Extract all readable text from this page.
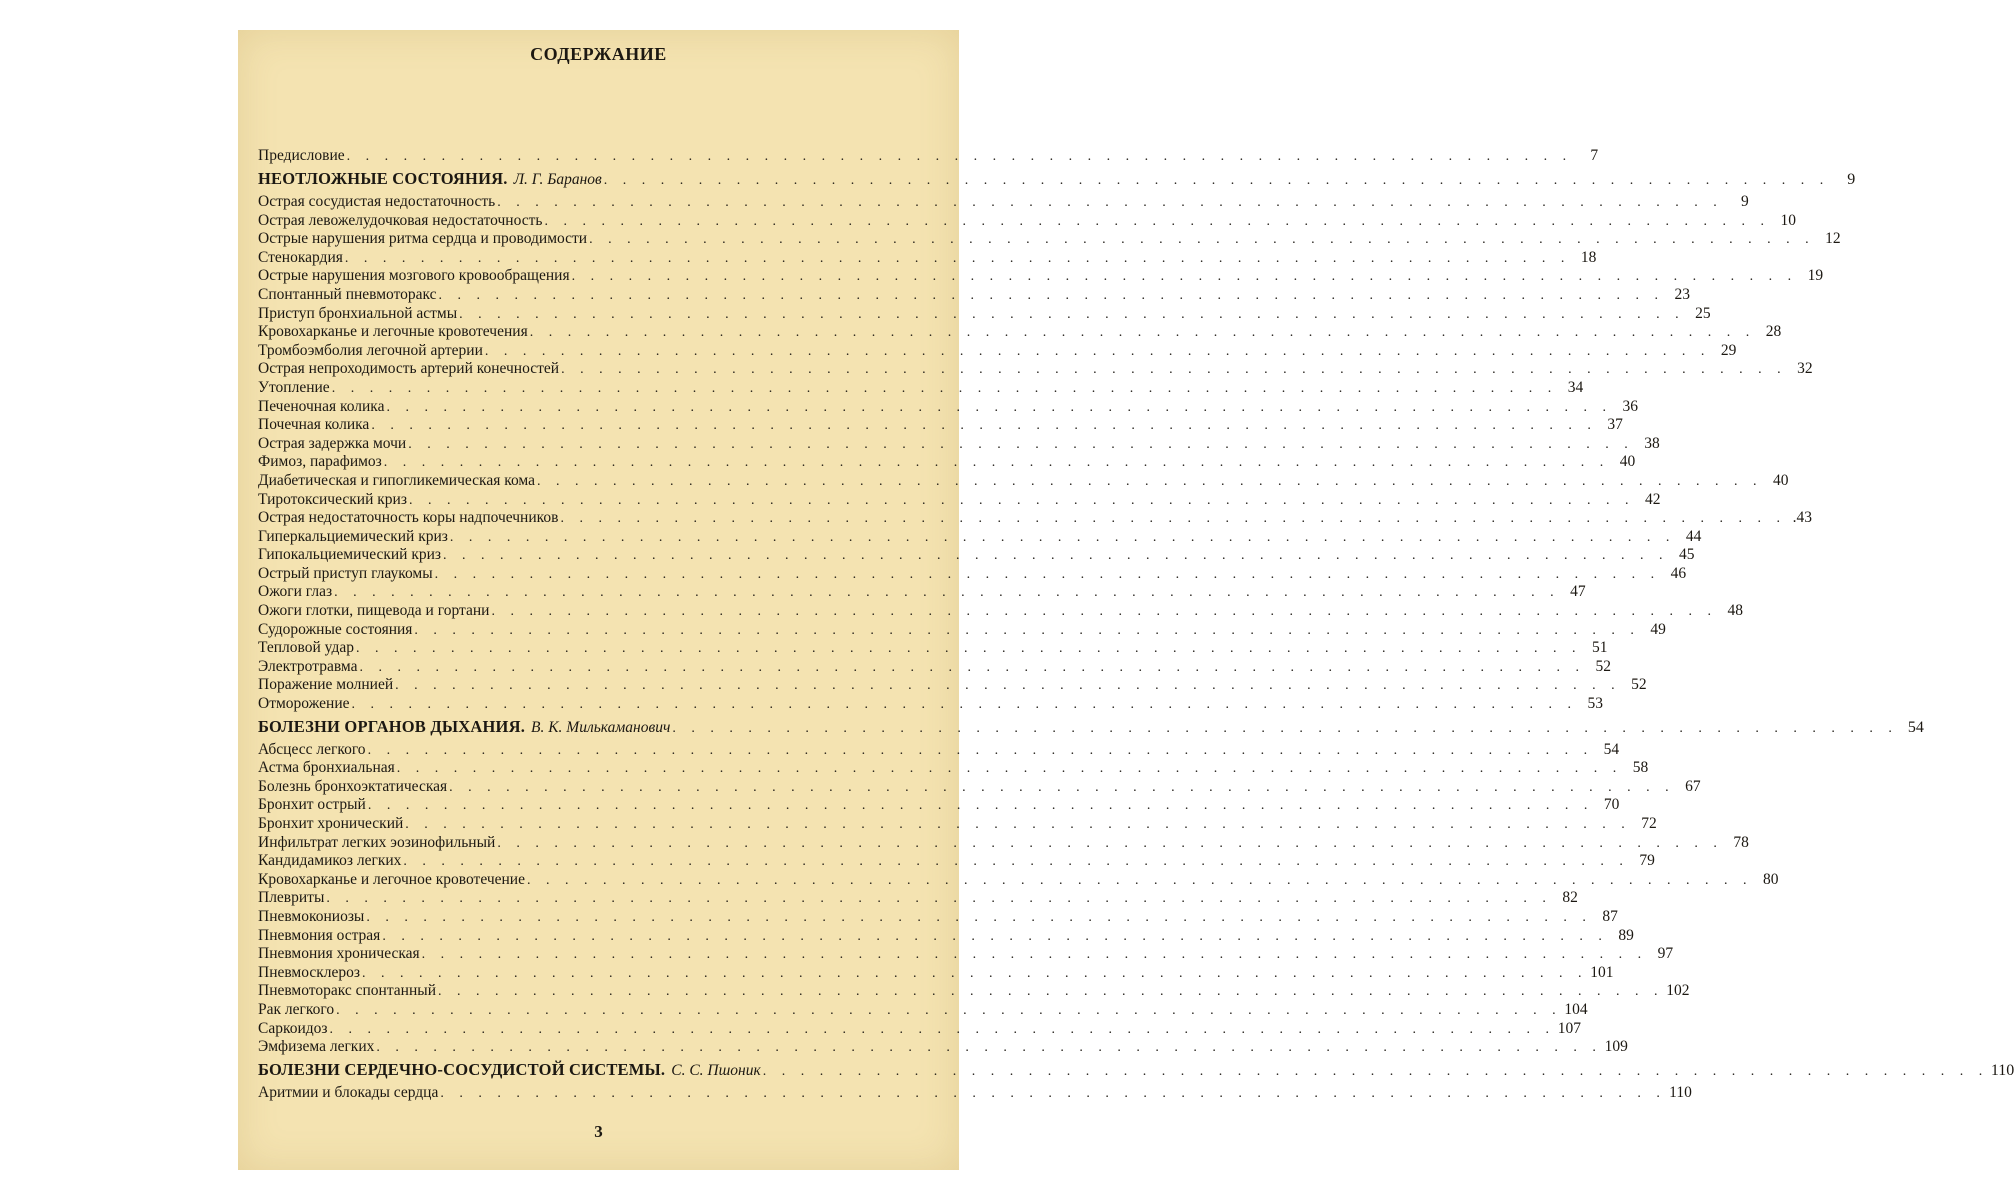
СОДЕРЖАНИЕ
Предисловие . . . . . . . . . . . . . . . . . . . . . . . . . . . . . . . . . . . . . . . . . . . . . . . . . . . . . . . . . . . . . . . . .	7
НЕОТЛОЖНЫЕ СОСТОЯНИЯ. Л. Г. Баранов . . . . . . . . . . . . . . . . . . . . . . . . . . . . . . . . . . . . . . . . . . . . . . . . . . . . . . . . . . . . . . . . .	9
Острая сосудистая недостаточность . . . . . . . . . . . . . . . . . . . . . . . . . . . . . . . . . . . . . . . . . . . . . . . . . . . . . . . . . . . . . . . . .	9
Острая левожелудочковая недостаточность . . . . . . . . . . . . . . . . . . . . . . . . . . . . . . . . . . . . . . . . . . . . . . . . . . . . . . . . . . . . . . . . . 10
Острые нарушения ритма сердца и проводимости . . . . . . . . . . . . . . . . . . . . . . . . . . . . . . . . . . . . . . . . . . . . . . . . . . . . . . . . . . . . . . . . . 12
Стенокардия . . . . . . . . . . . . . . . . . . . . . . . . . . . . . . . . . . . . . . . . . . . . . . . . . . . . . . . . . . . . . . . . . 18
Острые нарушения мозгового кровообращения . . . . . . . . . . . . . . . . . . . . . . . . . . . . . . . . . . . . . . . . . . . . . . . . . . . . . . . . . . . . . . . . . 19
Спонтанный пневмоторакс . . . . . . . . . . . . . . . . . . . . . . . . . . . . . . . . . . . . . . . . . . . . . . . . . . . . . . . . . . . . . . . . . 23
Приступ бронхиальной астмы . . . . . . . . . . . . . . . . . . . . . . . . . . . . . . . . . . . . . . . . . . . . . . . . . . . . . . . . . . . . . . . . . 25
Кровохарканье и легочные кровотечения . . . . . . . . . . . . . . . . . . . . . . . . . . . . . . . . . . . . . . . . . . . . . . . . . . . . . . . . . . . . . . . . . 28
Тромбоэмболия легочной артерии . . . . . . . . . . . . . . . . . . . . . . . . . . . . . . . . . . . . . . . . . . . . . . . . . . . . . . . . . . . . . . . . . 29
Острая непроходимость артерий конечностей . . . . . . . . . . . . . . . . . . . . . . . . . . . . . . . . . . . . . . . . . . . . . . . . . . . . . . . . . . . . . . . . . 32
Утопление . . . . . . . . . . . . . . . . . . . . . . . . . . . . . . . . . . . . . . . . . . . . . . . . . . . . . . . . . . . . . . . . . 34
Печеночная колика . . . . . . . . . . . . . . . . . . . . . . . . . . . . . . . . . . . . . . . . . . . . . . . . . . . . . . . . . . . . . . . . . 36
Почечная колика . . . . . . . . . . . . . . . . . . . . . . . . . . . . . . . . . . . . . . . . . . . . . . . . . . . . . . . . . . . . . . . . . 37
Острая задержка мочи . . . . . . . . . . . . . . . . . . . . . . . . . . . . . . . . . . . . . . . . . . . . . . . . . . . . . . . . . . . . . . . . . 38
Фимоз, парафимоз . . . . . . . . . . . . . . . . . . . . . . . . . . . . . . . . . . . . . . . . . . . . . . . . . . . . . . . . . . . . . . . . . 40
Диабетическая и гипогликемическая кома . . . . . . . . . . . . . . . . . . . . . . . . . . . . . . . . . . . . . . . . . . . . . . . . . . . . . . . . . . . . . . . . . 40
Тиротоксический криз . . . . . . . . . . . . . . . . . . . . . . . . . . . . . . . . . . . . . . . . . . . . . . . . . . . . . . . . . . . . . . . . . 42
Острая недостаточность коры надпочечников . . . . . . . . . . . . . . . . . . . . . . . . . . . . . . . . . . . . . . . . . . . . . . . . . . . . . . . . . . . . . . . . . .43
Гиперкальциемический криз . . . . . . . . . . . . . . . . . . . . . . . . . . . . . . . . . . . . . . . . . . . . . . . . . . . . . . . . . . . . . . . . . 44
Гипокальциемический криз . . . . . . . . . . . . . . . . . . . . . . . . . . . . . . . . . . . . . . . . . . . . . . . . . . . . . . . . . . . . . . . . . 45
Острый приступ глаукомы . . . . . . . . . . . . . . . . . . . . . . . . . . . . . . . . . . . . . . . . . . . . . . . . . . . . . . . . . . . . . . . . . 46
Ожоги глаз . . . . . . . . . . . . . . . . . . . . . . . . . . . . . . . . . . . . . . . . . . . . . . . . . . . . . . . . . . . . . . . . . 47
Ожоги глотки, пищевода и гортани . . . . . . . . . . . . . . . . . . . . . . . . . . . . . . . . . . . . . . . . . . . . . . . . . . . . . . . . . . . . . . . . . 48
Судорожные состояния . . . . . . . . . . . . . . . . . . . . . . . . . . . . . . . . . . . . . . . . . . . . . . . . . . . . . . . . . . . . . . . . . 49
Тепловой удар . . . . . . . . . . . . . . . . . . . . . . . . . . . . . . . . . . . . . . . . . . . . . . . . . . . . . . . . . . . . . . . . . 51
Электротравма . . . . . . . . . . . . . . . . . . . . . . . . . . . . . . . . . . . . . . . . . . . . . . . . . . . . . . . . . . . . . . . . . 52
Поражение молнией . . . . . . . . . . . . . . . . . . . . . . . . . . . . . . . . . . . . . . . . . . . . . . . . . . . . . . . . . . . . . . . . . 52
Отморожение . . . . . . . . . . . . . . . . . . . . . . . . . . . . . . . . . . . . . . . . . . . . . . . . . . . . . . . . . . . . . . . . . 53
БОЛЕЗНИ ОРГАНОВ ДЫХАНИЯ. В. К. Милькаманович . . . . . . . . . . . . . . . . . . . . . . . . . . . . . . . . . . . . . . . . . . . . . . . . . . . . . . . . . . . . . . . . . 54
Абсцесс легкого . . . . . . . . . . . . . . . . . . . . . . . . . . . . . . . . . . . . . . . . . . . . . . . . . . . . . . . . . . . . . . . . . 54
Астма бронхиальная . . . . . . . . . . . . . . . . . . . . . . . . . . . . . . . . . . . . . . . . . . . . . . . . . . . . . . . . . . . . . . . . . 58
Болезнь бронхоэктатическая . . . . . . . . . . . . . . . . . . . . . . . . . . . . . . . . . . . . . . . . . . . . . . . . . . . . . . . . . . . . . . . . . 67
Бронхит острый . . . . . . . . . . . . . . . . . . . . . . . . . . . . . . . . . . . . . . . . . . . . . . . . . . . . . . . . . . . . . . . . . 70
Бронхит хронический . . . . . . . . . . . . . . . . . . . . . . . . . . . . . . . . . . . . . . . . . . . . . . . . . . . . . . . . . . . . . . . . . 72
Инфильтрат легких эозинофильный . . . . . . . . . . . . . . . . . . . . . . . . . . . . . . . . . . . . . . . . . . . . . . . . . . . . . . . . . . . . . . . . . 78
Кандидамикоз легких . . . . . . . . . . . . . . . . . . . . . . . . . . . . . . . . . . . . . . . . . . . . . . . . . . . . . . . . . . . . . . . . . 79
Кровохарканье и легочное кровотечение . . . . . . . . . . . . . . . . . . . . . . . . . . . . . . . . . . . . . . . . . . . . . . . . . . . . . . . . . . . . . . . . . 80
Плевриты . . . . . . . . . . . . . . . . . . . . . . . . . . . . . . . . . . . . . . . . . . . . . . . . . . . . . . . . . . . . . . . . . 82
Пневмокониозы . . . . . . . . . . . . . . . . . . . . . . . . . . . . . . . . . . . . . . . . . . . . . . . . . . . . . . . . . . . . . . . . . 87
Пневмония острая . . . . . . . . . . . . . . . . . . . . . . . . . . . . . . . . . . . . . . . . . . . . . . . . . . . . . . . . . . . . . . . . . 89
Пневмония хроническая . . . . . . . . . . . . . . . . . . . . . . . . . . . . . . . . . . . . . . . . . . . . . . . . . . . . . . . . . . . . . . . . . 97
Пневмосклероз . . . . . . . . . . . . . . . . . . . . . . . . . . . . . . . . . . . . . . . . . . . . . . . . . . . . . . . . . . . . . . . . . 101
Пневмоторакс спонтанный . . . . . . . . . . . . . . . . . . . . . . . . . . . . . . . . . . . . . . . . . . . . . . . . . . . . . . . . . . . . . . . . . 102
Рак легкого . . . . . . . . . . . . . . . . . . . . . . . . . . . . . . . . . . . . . . . . . . . . . . . . . . . . . . . . . . . . . . . . . 104
Саркоидоз . . . . . . . . . . . . . . . . . . . . . . . . . . . . . . . . . . . . . . . . . . . . . . . . . . . . . . . . . . . . . . . . . 107
Эмфизема легких . . . . . . . . . . . . . . . . . . . . . . . . . . . . . . . . . . . . . . . . . . . . . . . . . . . . . . . . . . . . . . . . . 109
БОЛЕЗНИ СЕРДЕЧНО-СОСУДИСТОЙ СИСТЕМЫ. С. С. Пшоник . . . . . . . . . . . . . . . . . . . . . . . . . . . . . . . . . . . . . . . . . . . . . . . . . . . . . . . . . . . . . . . . . 110
Аритмии и блокады сердца . . . . . . . . . . . . . . . . . . . . . . . . . . . . . . . . . . . . . . . . . . . . . . . . . . . . . . . . . . . . . . . . . 110
3
